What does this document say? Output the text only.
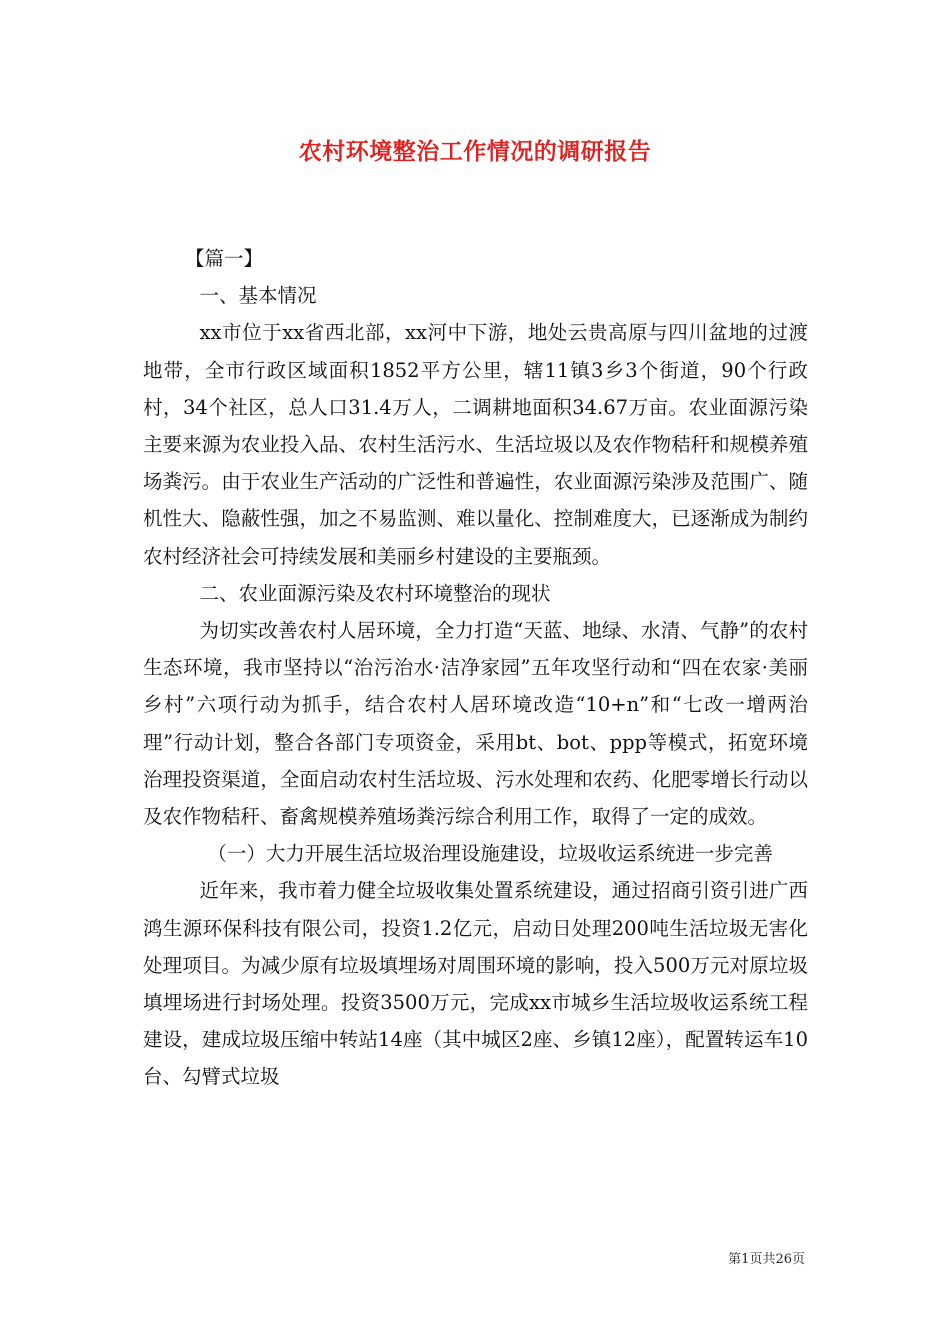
农村环境整治工作情况的调研报告

【篇一】

一、基本情况

xx市位于xx省西北部，xx河中下游，地处云贵高原与四川盆地的过渡地带，全市行政区域面积1852平方公里，辖11镇3乡3个街道，90个行政村，34个社区，总人口31.4万人，二调耕地面积34.67万亩。农业面源污染主要来源为农业投入品、农村生活污水、生活垃圾以及农作物秸秆和规模养殖场粪污。由于农业生产活动的广泛性和普遍性，农业面源污染涉及范围广、随机性大、隐蔽性强，加之不易监测、难以量化、控制难度大，已逐渐成为制约农村经济社会可持续发展和美丽乡村建设的主要瓶颈。

二、农业面源污染及农村环境整治的现状

为切实改善农村人居环境，全力打造“天蓝、地绿、水清、气静”的农村生态环境，我市坚持以“治污治水·洁净家园”五年攻坚行动和“四在农家·美丽乡村”六项行动为抓手，结合农村人居环境改造“10+n”和“七改一增两治理”行动计划，整合各部门专项资金，采用bt、bot、ppp等模式，拓宽环境治理投资渠道，全面启动农村生活垃圾、污水处理和农药、化肥零增长行动以及农作物秸秆、畜禽规模养殖场粪污综合利用工作，取得了一定的成效。

（一）大力开展生活垃圾治理设施建设，垃圾收运系统进一步完善

近年来，我市着力健全垃圾收集处置系统建设，通过招商引资引进广西鸿生源环保科技有限公司，投资1.2亿元，启动日处理200吨生活垃圾无害化处理项目。为减少原有垃圾填埋场对周围环境的影响，投入500万元对原垃圾填埋场进行封场处理。投资3500万元，完成xx市城乡生活垃圾收运系统工程建设，建成垃圾压缩中转站14座（其中城区2座、乡镇12座），配置转运车10台、勾臂式垃圾

第1页共26页
